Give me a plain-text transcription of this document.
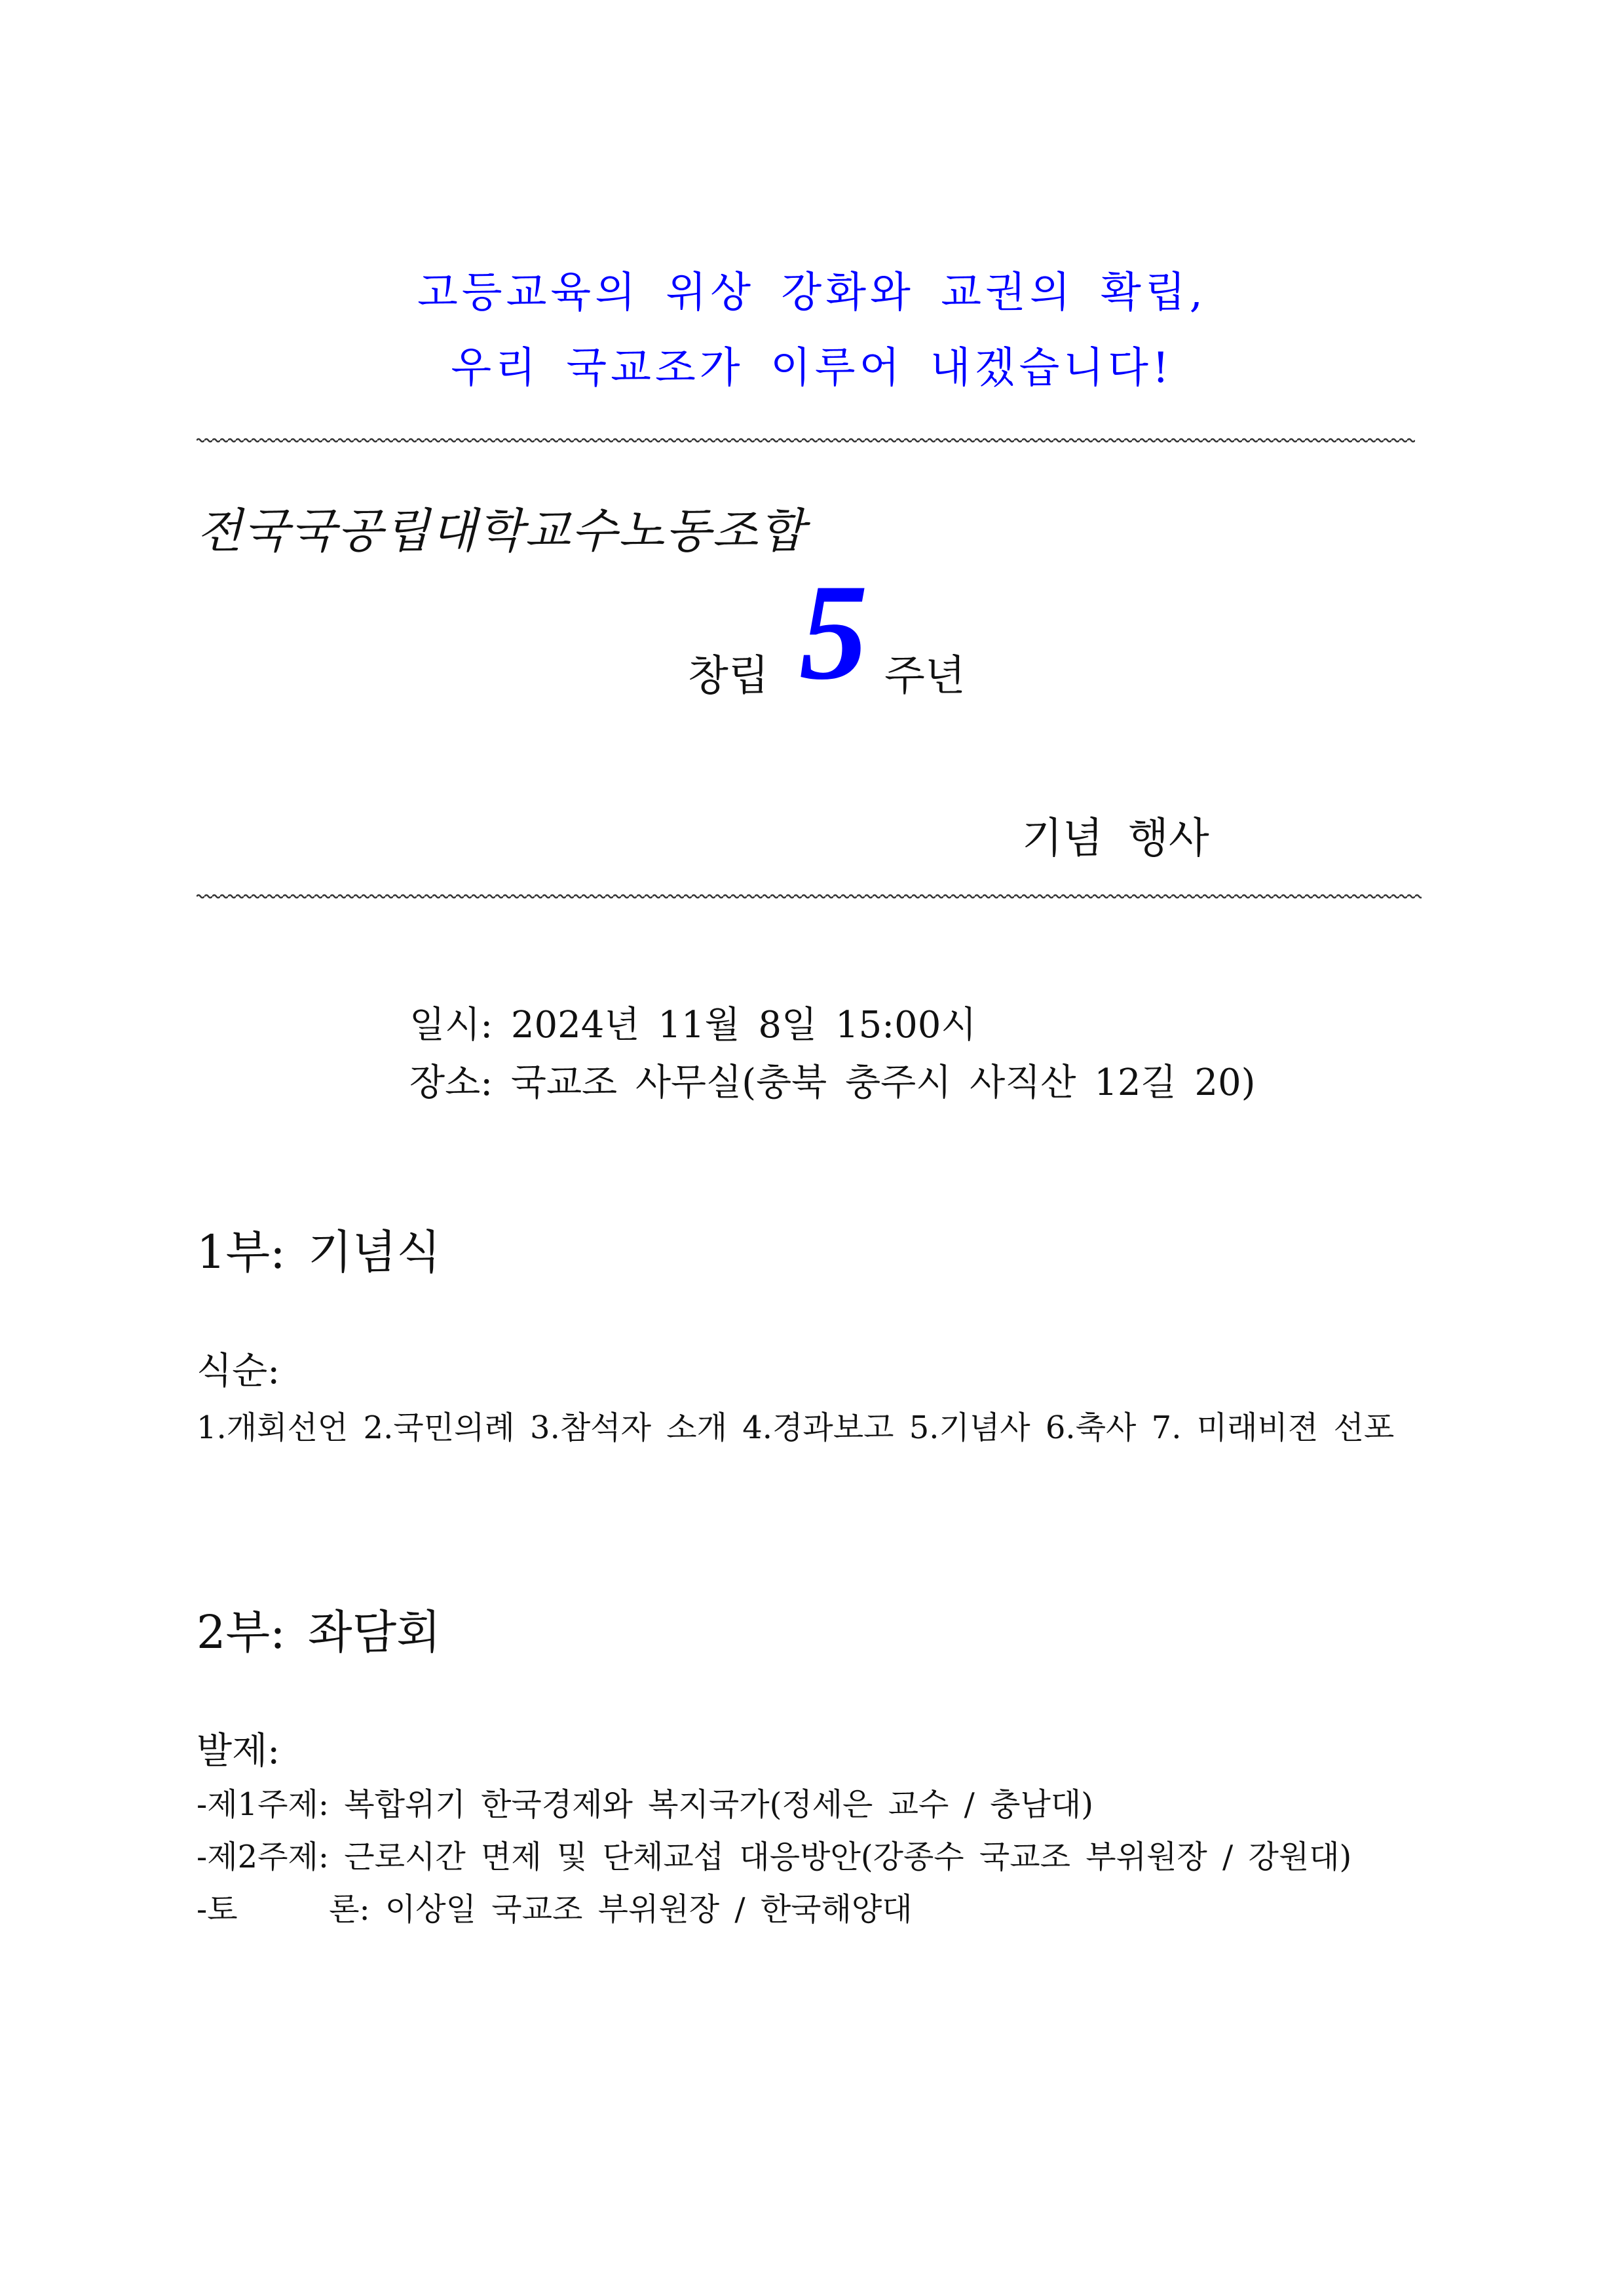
고등교육의 위상 강화와 교권의 확립,
우리 국교조가 이루어 내겠습니다!
전국국공립대학교수노동조합
창립 5 주년
기념 행사
일시: 2024년 11월 8일 15:00시
장소: 국교조 사무실(충북 충주시 사직산 12길 20)
1부: 기념식
식순:
1.개회선언 2.국민의례 3.참석자 소개 4.경과보고 5.기념사 6.축사 7. 미래비젼 선포
2부: 좌담회
발제:
-제1주제: 복합위기 한국경제와 복지국가(정세은 교수 / 충남대)
-제2주제: 근로시간 면제 및 단체교섭 대응방안(강종수 국교조 부위원장 / 강원대)
-토      론: 이상일 국교조 부위원장 / 한국해양대
